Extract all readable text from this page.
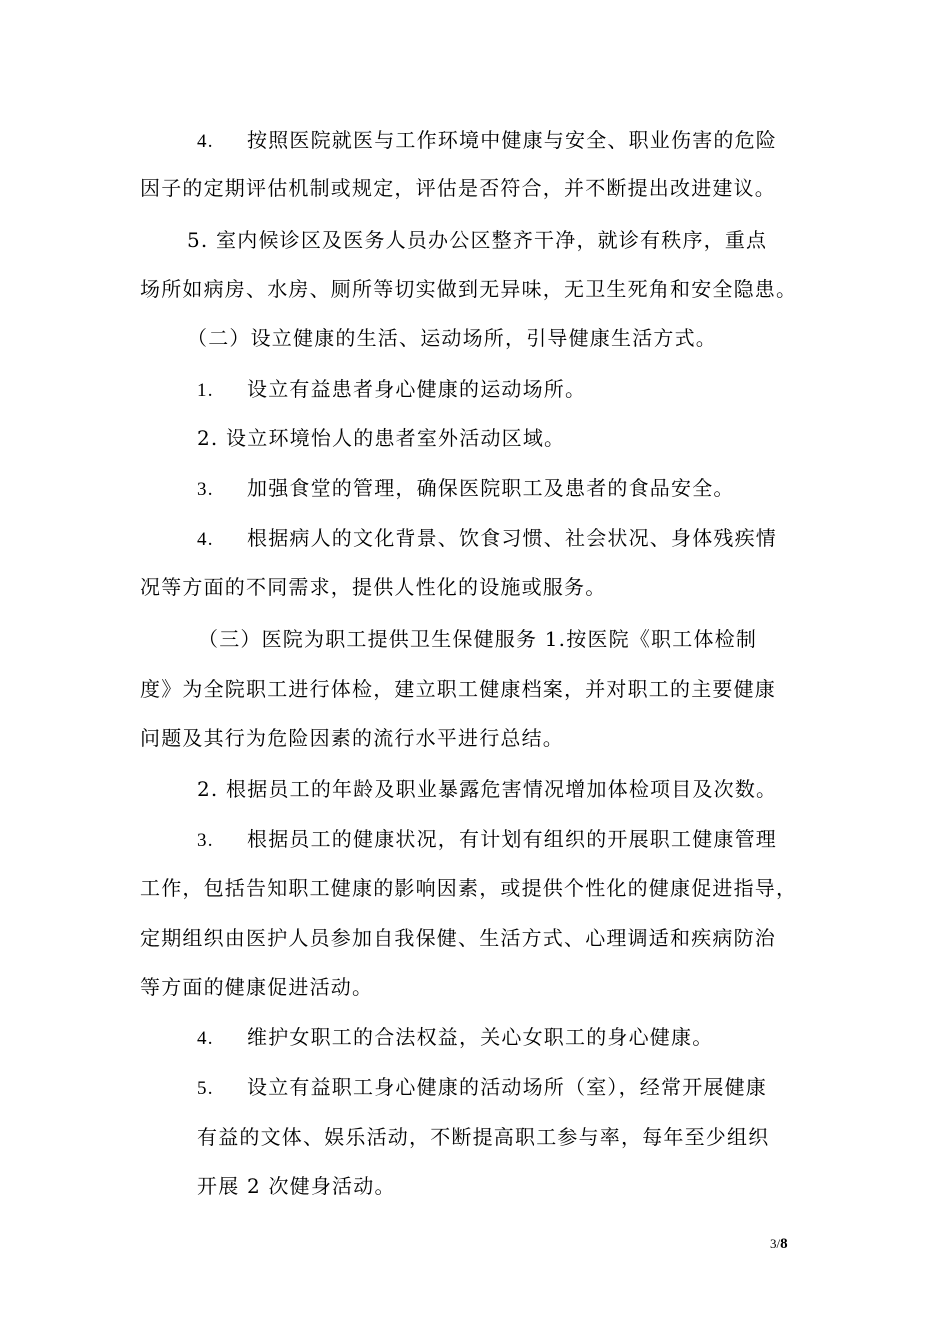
4. 按照医院就医与工作环境中健康与安全、职业伤害的危险
因子的定期评估机制或规定，评估是否符合，并不断提出改进建议。
5. 室内候诊区及医务人员办公区整齐干净，就诊有秩序，重点
场所如病房、水房、厕所等切实做到无异味，无卫生死角和安全隐患。
（二）设立健康的生活、运动场所，引导健康生活方式。
1. 设立有益患者身心健康的运动场所。
2. 设立环境怡人的患者室外活动区域。
3. 加强食堂的管理，确保医院职工及患者的食品安全。
4. 根据病人的文化背景、饮食习惯、社会状况、身体残疾情
况等方面的不同需求，提供人性化的设施或服务。
（三）医院为职工提供卫生保健服务 1.按医院《职工体检制
度》为全院职工进行体检，建立职工健康档案，并对职工的主要健康
问题及其行为危险因素的流行水平进行总结。
2. 根据员工的年龄及职业暴露危害情况增加体检项目及次数。
3. 根据员工的健康状况，有计划有组织的开展职工健康管理
工作，包括告知职工健康的影响因素，或提供个性化的健康促进指导，
定期组织由医护人员参加自我保健、生活方式、心理调适和疾病防治
等方面的健康促进活动。
4. 维护女职工的合法权益，关心女职工的身心健康。
5. 设立有益职工身心健康的活动场所（室），经常开展健康
有益的文体、娱乐活动，不断提高职工参与率，每年至少组织
开展 2 次健身活动。
3/8
